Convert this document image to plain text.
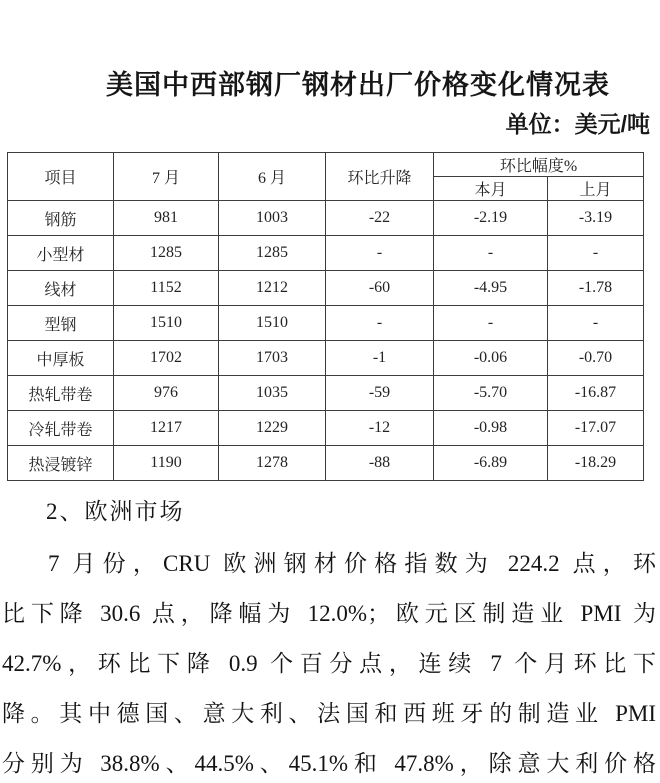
美国中西部钢厂钢材出厂价格变化情况表
单位：美元/吨
项目	7 月	6 月	环比升降	环比幅度%	
				本月	上月
钢筋	981	1003	-22	-2.19	-3.19
小型材	1285	1285	-	-	-
线材	1152	1212	-60	-4.95	-1.78
型钢	1510	1510	-	-	-
中厚板	1702	1703	-1	-0.06	-0.70
热轧带卷	976	1035	-59	-5.70	-16.87
冷轧带卷	1217	1229	-12	-0.98	-17.07
热浸镀锌	1190	1278	-88	-6.89	-18.29
2、欧洲市场
7 月份，CRU 欧洲钢材价格指数为 224.2 点，环
比下降 30.6 点，降幅为 12.0%；欧元区制造业 PMI 为
42.7%，环比下降 0.9 个百分点，连续 7 个月环比下
降。其中德国、意大利、法国和西班牙的制造业 PMI
分别为 38.8%、44.5%、45.1%和 47.8%，除意大利价格
